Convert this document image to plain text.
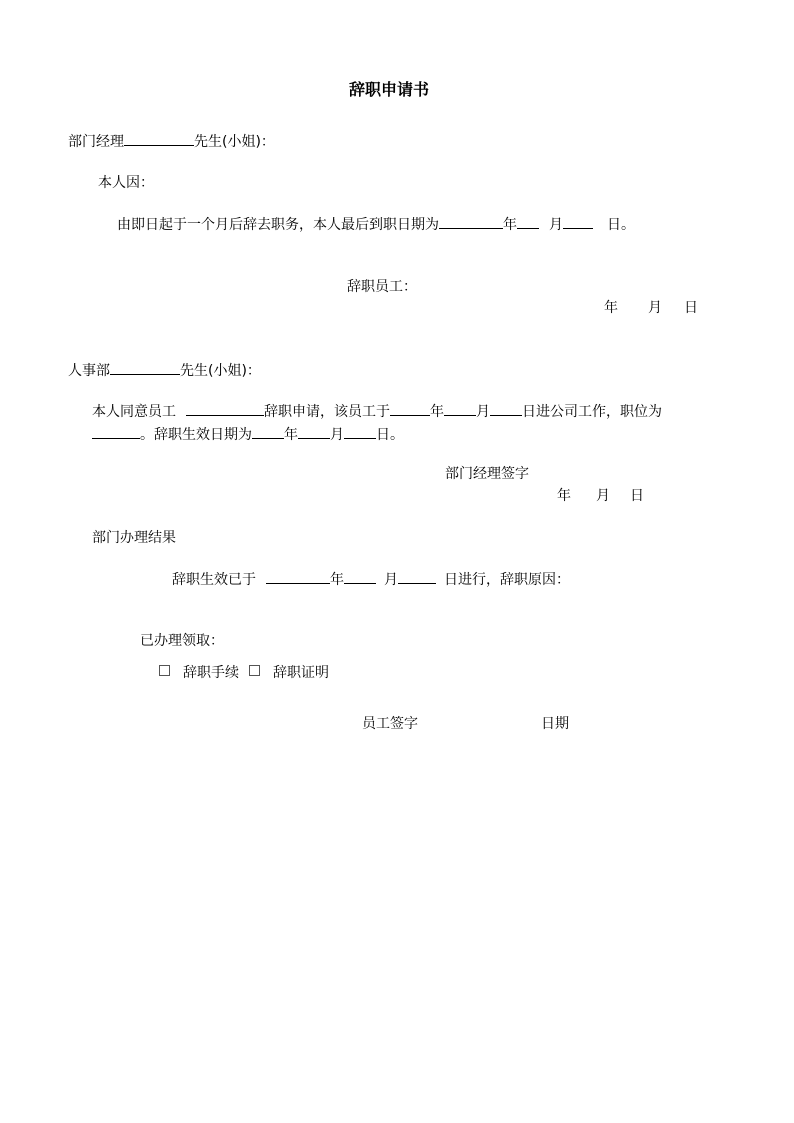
辞职申请书
部门经理	先生(小姐)：
本人因：
由即日起于一个月后辞去职务，本人最后到职日期为	年 月	日。
辞职员工：
年 月 日
人事部	先生(小姐)：
本人同意员工	辞职申请，该员工于	年 月 日进公司工作，职位为
。辞职生效日期为 年 月 日。
部门经理签字
年 月 日
部门办理结果
辞职生效已于	年	月	日进行，辞职原因：
已办理领取：
辞职手续 辞职证明
员工签字	日期
